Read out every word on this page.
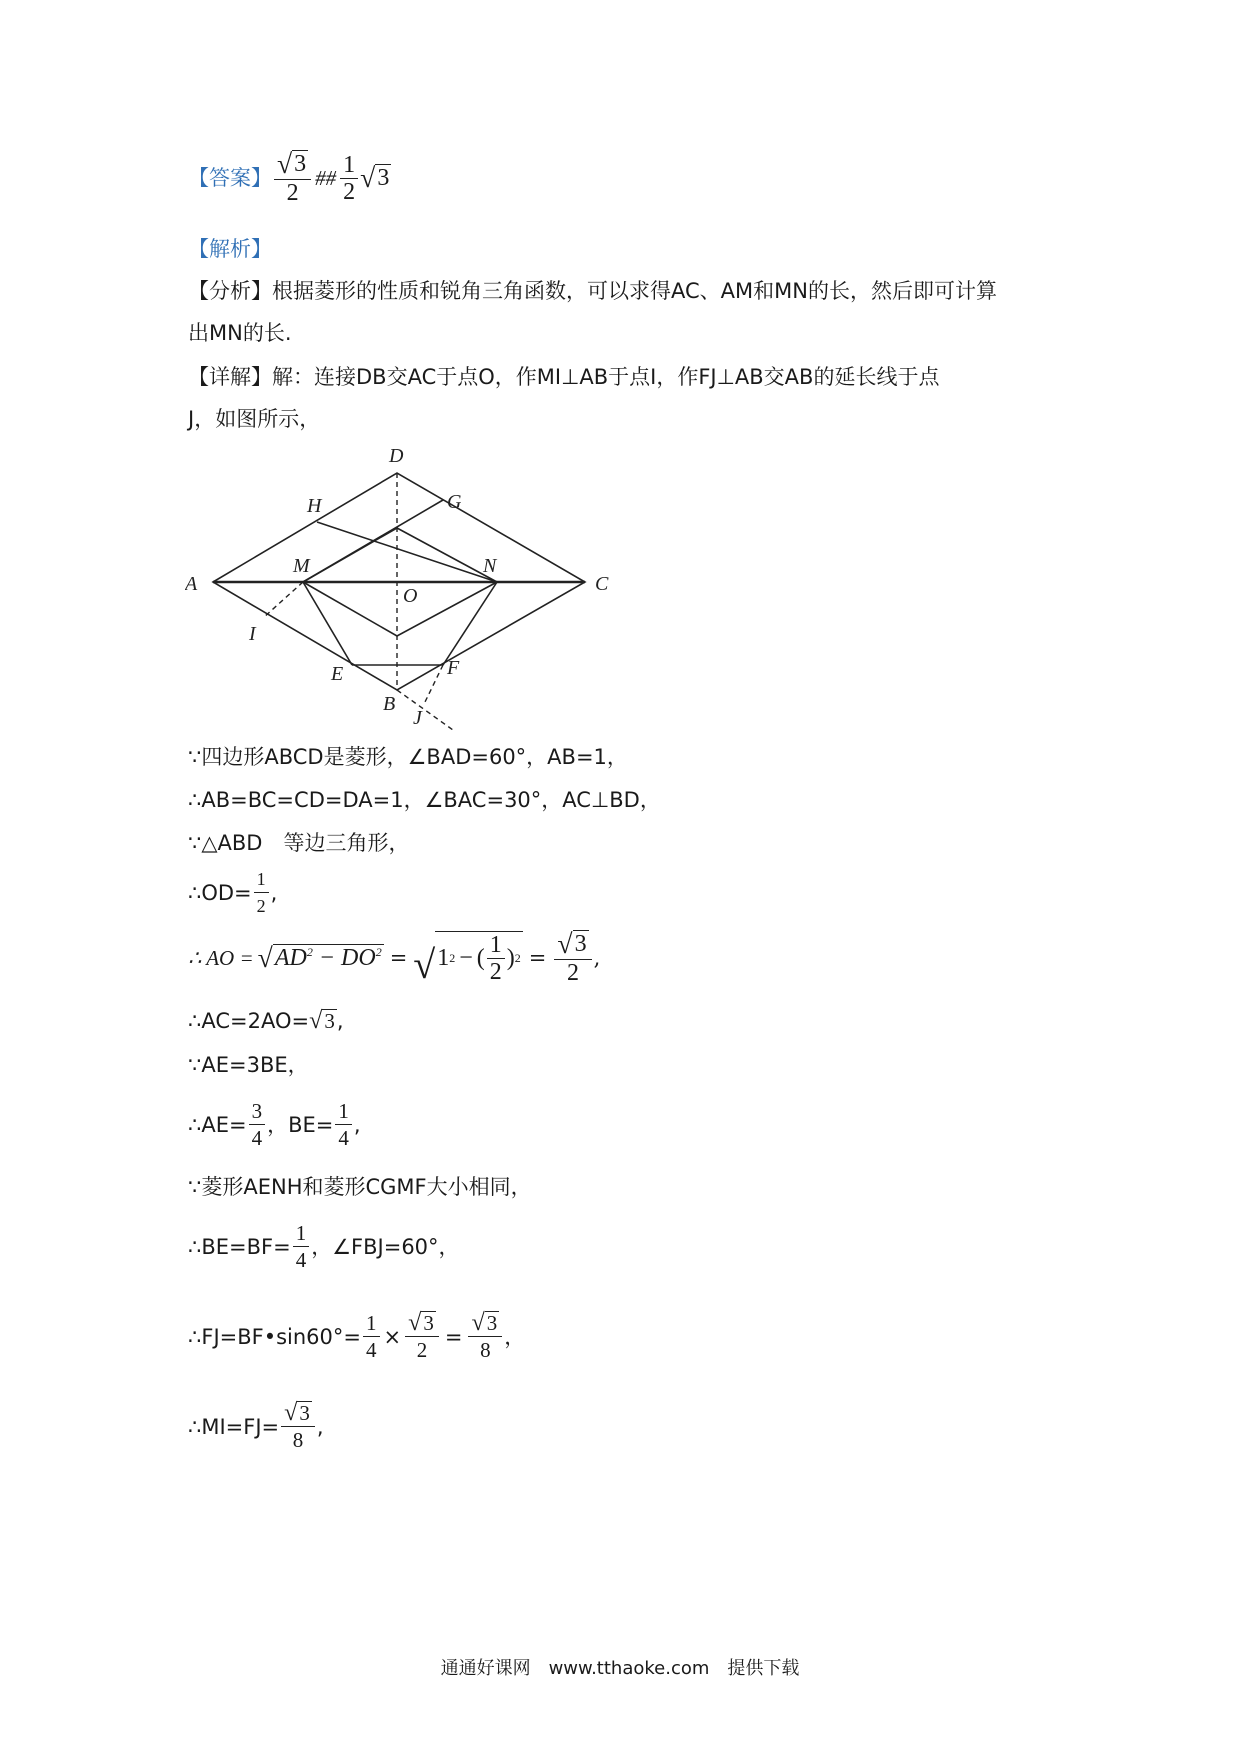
【答案】 $\frac{√ 3}{2}$ ## $\frac{1}{2}$ √ 3
【解析】
【分析】根据菱形的性质和锐角三角函数，可以求得AC、AM和MN的长，然后即可计算
出MN的长.
【详解】解：连接DB交AC于点O，作MI⊥AB于点I，作FJ⊥AB交AB的延长线于点
J，如图所示，
D
H	G
A
M
O
N
C
I
E	F
B
J
∵四边形ABCD是菱形，∠BAD=60°，AB=1，
∴AB=BC=CD=DA=1，∠BAC=30°，AC⊥BD，
∵△ABD　等边三角形，
∴OD= $\frac{1}{2}$ ,
∴ AO = √ $AD^2 - DO^2$ = √ 1 2 − ( $\frac{1}{2}$ ) $2 = \frac{√ 3}{2}$ ,
∴AC=2AO= √ 3 ,
∵AE=3BE，
∴AE= $\frac{3}{4}$ ，$BE= \frac{1}{4}$ ,
∵菱形AENH和菱形CGMF大小相同，
∴BE=BF= $\frac{1}{4}$ ，∠FBJ=60°，
∴FJ=BF•sin60°= $\frac{1}{4} \times \frac{√ 3}{2} = \frac{√ 3}{8}$ ，
∴MI=FJ= $\frac{√ 3}{8}$ ,
通通好课网　www.tthaoke.com　提供下载
